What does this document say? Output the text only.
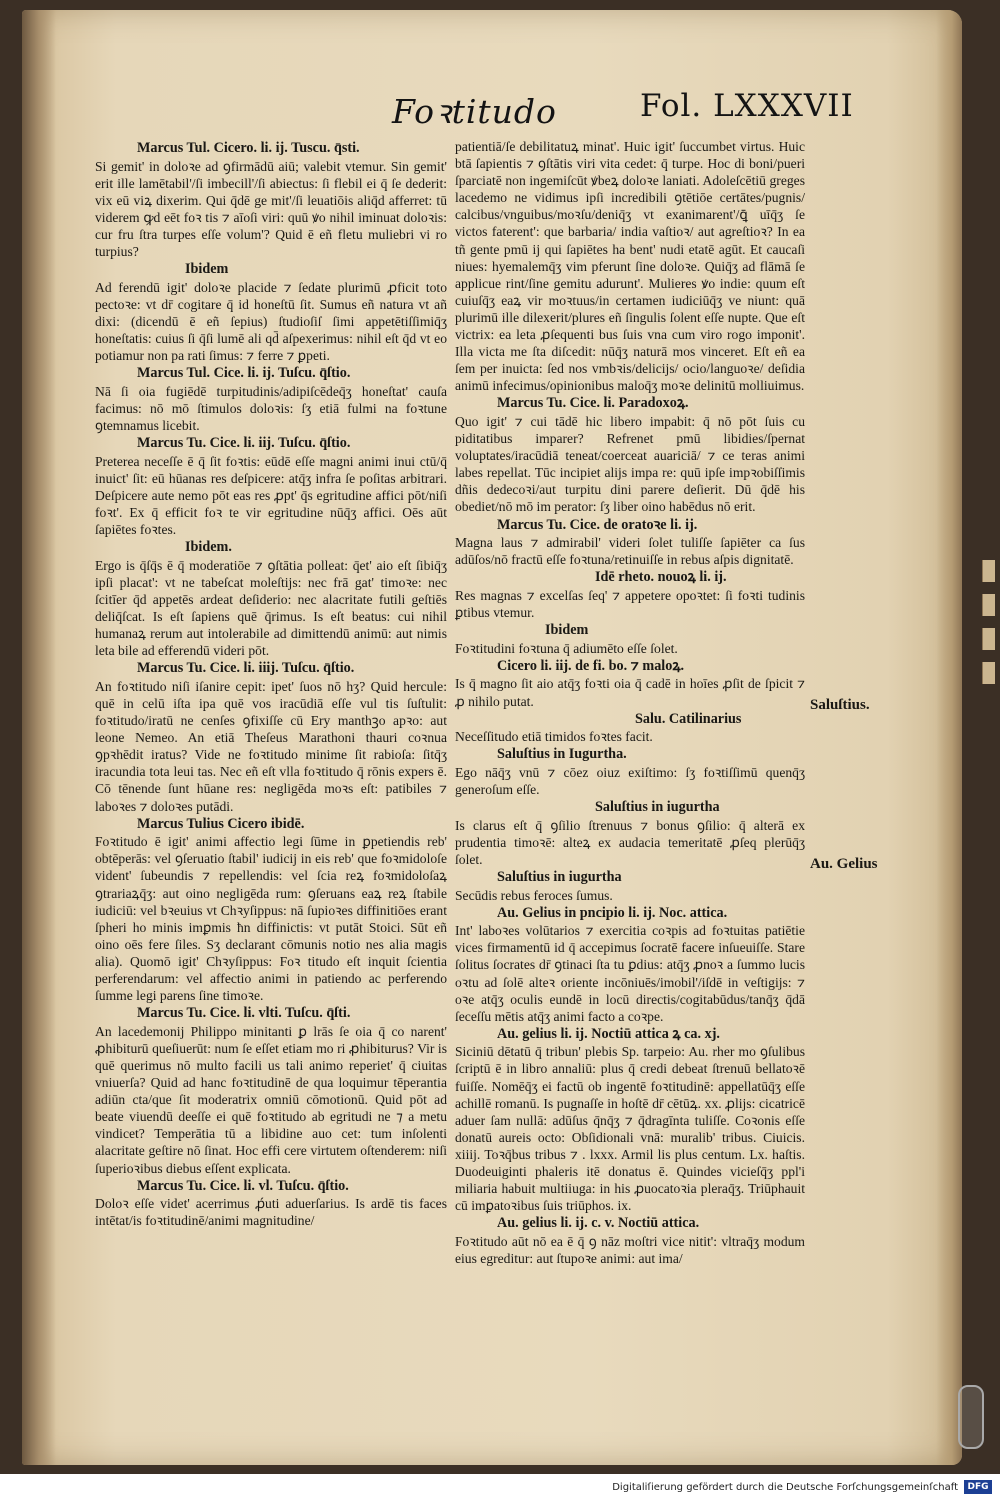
Foꝛtitudo	Fol. LXXXVII

Marcus Tul. Cicero. li. ij. Tuscu. q̄sti.

Si gemit' in doloꝛe ad ꝯfirmādū aiū; valebit vtemur. Sin gemit' erit ille lamētabil'/ſi imbecill'/ſi abiectus: ſi flebil ei q̄ ſe dederit: vix eū viꝝ dixerim. Qui q̄dē ge mit'/ſi leuatiōis aliq̄d afferret: tū viderem ꝙd eēt foꝛ tis ⁊ aīoſi viri: quū ꝟo nihil iminuat doloꝛis: cur fru ſtra turpes eſſe volum'? Quid ē eñ fletu muliebri vi ro turpius?

Ibidem

Ad ferendū igit' doloꝛe placide ⁊ ſedate plurimū ꝓficit toto pectoꝛe: vt dr̄ cogitare q̄ id honeſtū ſit. Sumus eñ natura vt añ dixi: (dicendū ē eñ ſepius) ſtudioſiſ ſimi appetētiſſimiq̄ʒ honeſtatis: cuius ſi q̄ſi lumē ali qd̄ aſpexerimus: nihil eſt q̄d vt eo potiamur non pa rati ſimus: ⁊ ferre ⁊ ꝑpeti.

Marcus Tul. Cice. li. ij. Tuſcu. q̄ſtio.

Nā ſi oia fugiēdē turpitudinis/adipiſcēdeq̄ʒ honeſtat' cauſa facimus: nō mō ſtimulos doloꝛis: ſʒ etiā fulmi na foꝛtune ꝯtemnamus licebit.

Marcus Tu. Cice. li. iij. Tuſcu. q̄ſtio.

Preterea neceſſe ē q̄ ſit foꝛtis: eūdē eſſe magni animi inui ctū/q̄ inuict' ſit: eū hūanas res deſpicere: atq̄ʒ infra ſe poſitas arbitrari. Deſpicere aute nemo pōt eas res ꝓpt' q̄s egritudine affici pōt/niſi foꝛt'. Ex q̄ efficit foꝛ te vir egritudine nūq̄ʒ affici. Oēs aūt ſapiētes foꝛtes.

Ibidem.

Ergo is q̄ſq̄s ē q̄ moderatiōe ⁊ ꝯſtātia polleat: q̄et' aio eſt ſibiq̄ʒ ipſi placat': vt ne tabeſcat moleſtijs: nec frā gat' timoꝛe: nec ſcitīer q̄d appetēs ardeat deſiderio: nec alacritate futili geſtiēs deliq̄ſcat. Is eſt ſapiens quē q̄rimus. Is eſt beatus: cui nihil humanaꝝ rerum aut intolerabile ad dimittendū animū: aut nimis leta bile ad efferendū videri pōt.

Marcus Tu. Cice. li. iiij. Tuſcu. q̄ſtio.

An foꝛtitudo niſi iſanire cepit: ipet' ſuos nō hʒ? Quid hercule: quē in celū iſta ipa quē vos iracūdiā eſſe vul tis ſuſtulit: foꝛtitudo/iratū ne cenſes ꝯfixiſſe cū Ery manthꝫo apꝛo: aut leone Nemeo. An etiā Theſeus Marathoni thauri coꝛnua ꝯpꝛhēdit iratus? Vide ne foꝛtitudo minime ſit rabioſa: ſitq̄ʒ iracundia tota leui tas. Nec eñ eſt vlla foꝛtitudo q̄ rōnis expers ē. Cō tēnende ſunt hūane res: negligēda moꝛs eſt: patibiles ⁊ laboꝛes ⁊ doloꝛes putādi.

Marcus Tulius Cicero ibidē.

Foꝛtitudo ē igit' animi affectio legi ſūme in ꝑpetiendis reb' obtēperās: vel ꝯſeruatio ſtabil' iudicij in eis reb' que foꝛmidoloſe vident' ſubeundis ⁊ repellendis: vel ſcia reꝝ foꝛmidoloſaꝝ ꝯtrariaꝝq̄ʒ: aut oino negligēda rum: ꝯſeruans eaꝝ reꝝ ſtabile iudiciū: vel bꝛeuius vt Chꝛyſippus: nā ſupioꝛes diffinitiōes erant ſpheri ho minis imꝑmis ħn diffinictis: vt putāt Stoici. Sūt eñ oino oēs fere ſiles. Sʒ declarant cōmunis notio nes alia magis alia). Quomō igit' Chꝛyſippus: Foꝛ titudo eſt inquit ſcientia perferendarum: vel affectio animi in patiendo ac perferendo ſumme legi parens ſine timoꝛe.

Marcus Tu. Cice. li. vlti. Tuſcu. q̄ſti.

An lacedemonij Philippo minitanti ꝑ lrās ſe oia q̄ co narent' ꝓhibiturū queſiuerūt: num ſe eſſet etiam mo ri ꝓhibiturus? Vir is quē querimus nō multo facili us tali animo reperiet' q̄ ciuitas vniuerſa? Quid ad hanc foꝛtitudinē de qua loquimur tēperantia adiūn cta/que ſit moderatrix omniū cōmotionū. Quid pōt ad beate viuendū deeſſe ei quē foꝛtitudo ab egritudi ne ⁊ a metu vindicet? Temperātia tū a libidine auo cet: tum inſolenti alacritate geſtire nō ſinat. Hoc effi cere virtutem oſtenderem: niſi ſuperioꝛibus diebus eſſent explicata.

Marcus Tu. Cice. li. vl. Tuſcu. q̄ſtio.

Doloꝛ eſſe videt' acerrimus ꝓ́uti aduerſarius. Is ardē tis faces intētat/is foꝛtitudinē/animi magnitudine/

patientiā/ſe debilitatuꝝ minat'. Huic igit' ſuccumbet virtus. Huic btā ſapientis ⁊ ꝯſtātis viri vita cedet: q̄ turpe. Hoc di boni/pueri ſparciatē non ingemiſcūt ꝟbeꝝ doloꝛe laniati. Adoleſcētiū greges lacedemo ne vidimus ipſi incredibili ꝯtētiōe certātes/pugnis/ calcibus/vnguibus/moꝛſu/deniq̄ʒ vt exanimarent'/ꝗ̄ uīq̄ʒ ſe victos faterent': que barbaria/ india vaſtioꝛ/ aut agreſtioꝛ? In ea tñ gente pmū ij qui ſapiētes ha bent' nudi etatē agūt. Et caucaſi niues: hyemalemq̄ʒ vim pferunt ſine doloꝛe. Quiq̄ʒ ad flāmā ſe applicue rint/ſine gemitu adurunt'. Mulieres ꝟo indie: quum eſt cuiuſq̄ʒ eaꝝ vir moꝛtuus/in certamen iudiciūq̄ʒ ve niunt: quā plurimū ille dilexerit/plures eñ ſingulis ſolent eſſe nupte. Que eſt victrix: ea leta ꝓſequenti bus ſuis vna cum viro rogo imponit'. Illa victa me ſta diſcedit: nūq̄ʒ naturā mos vinceret. Eſt eñ ea ſem per inuicta: ſed nos vmbꝛis/delicijs/ ocio/languoꝛe/ deſidia animū infecimus/opinionibus maloq̄ʒ moꝛe delinitū molliuimus.

Marcus Tu. Cice. li. Paradoxoꝝ.

Quo igit' ⁊ cui tādē hic libero impabit: q̄ nō pōt ſuis cu piditatibus imparer? Refrenet pmū libidies/ſpernat voluptates/iracūdiā teneat/coerceat auariciā/ ⁊ ce teras animi labes repellat. Tūc incipiet alijs impa re: quū ipſe impꝛobiſſimis dñis dedecoꝛi/aut turpitu dini parere deſierit. Dū q̄dē his obediet/nō mō im perator: ſʒ liber oino habēdus nō erit.

Marcus Tu. Cice. de oratoꝛe li. ij.

Magna laus ⁊ admirabil' videri ſolet tuliſſe ſapiēter ca ſus adūſos/nō fractū eſſe foꝛtuna/retinuiſſe in rebus aſpis dignitatē.

Idē rheto. nouoꝝ li. ij.

Res magnas ⁊ excelſas ſeq' ⁊ appetere opoꝛtet: ſi foꝛti tudinis ꝑtibus vtemur.

Ibidem

Foꝛtitudini foꝛtuna q̄ adiumēto eſſe ſolet.

Cicero li. iij. de fi. bo. ⁊ maloꝝ.

Is q̄ magno ſit aio atq̄ʒ foꝛti oia q̄ cadē in hoīes ꝓſit de ſpicit ⁊ ꝓ nihilo putat.

Salu. Catilinarius

Neceſſitudo etiā timidos foꝛtes facit.

Saluſtius in Iugurtha.

Ego nāq̄ʒ vnū ⁊ cōez oiuz exiſtimo: ſʒ foꝛtiſſimū quenq̄ʒ generoſum eſſe.

Saluſtius in iugurtha

Is clarus eſt q̄ ꝯſilio ſtrenuus ⁊ bonus ꝯſilio: q̄ alterā ex prudentia timoꝛē: alteꝝ ex audacia temeritatē ꝓſeq plerūq̄ʒ ſolet.

Saluſtius in iugurtha

Secūdis rebus feroces ſumus.

Au. Gelius in pncipio li. ij. Noc. attica.

Int' laboꝛes volūtarios ⁊ exercitia coꝛpis ad foꝛtuitas patiētie vices firmamentū id q̄ accepimus ſocratē facere inſueuiſſe. Stare ſolitus ſocrates dr̄ ꝯtinaci ſta tu ꝑdius: atq̄ʒ ꝓnoꝛ a ſummo lucis oꝛtu ad ſolē alteꝛ oriente incōniuēs/imobil'/iſdē in veſtigijs: ⁊ oꝛe atq̄ʒ oculis eundē in locū directis/cogitabūdus/tanq̄ʒ q̄dā ſeceſſu mētis atq̄ʒ animi facto a coꝛpe.

Au. gelius li. ij. Noctiū attica ꝝ ca. xj.

Siciniū dētatū q̄ tribun' plebis Sp. tarpeio: Au. rher mo ꝯſulibus ſcriptū ē in libro annaliū: plus q̄ credi debeat ſtrenuū bellatoꝛē fuiſſe. Nomēq̄ʒ ei factū ob ingentē foꝛtitudinē: appellatūq̄ʒ eſſe achillē romanū. Is pugnaſſe in hoſtē dr̄ cētūꝝ. xx. ꝓlijs: cicatricē aduer ſam nullā: adūſus q̄nq̄ʒ ⁊ q̄dragīnta tuliſſe. Coꝛonis eſſe donatū aureis octo: Obſidionali vnā: muralib' tribus. Ciuicis. xiiij. Toꝛq̄bus tribus ⁊ . lxxx. Armil lis plus centum. Lx. haſtis. Duodeuiginti phaleris itē donatus ē. Quindes vicieſq̄ʒ ppl'i miliaria habuit multiiuga: in his ꝓuocatoꝛia pleraq̄ʒ. Triūphauit cū imꝑatoꝛibus ſuis triūphos. ix.

Au. gelius li. ij. c. v. Noctiū attica.

Foꝛtitudo aūt nō ea ē q̄ ꝯ nāz moſtri vice nitit': vltraq̄ʒ modum eius egreditur: aut ſtupoꝛe animi: aut ima/

Saluſtius.
Au. Gelius
Digitaliſierung gefördert durch die Deutsche Forſchungsgemeinſchaft	DFG
